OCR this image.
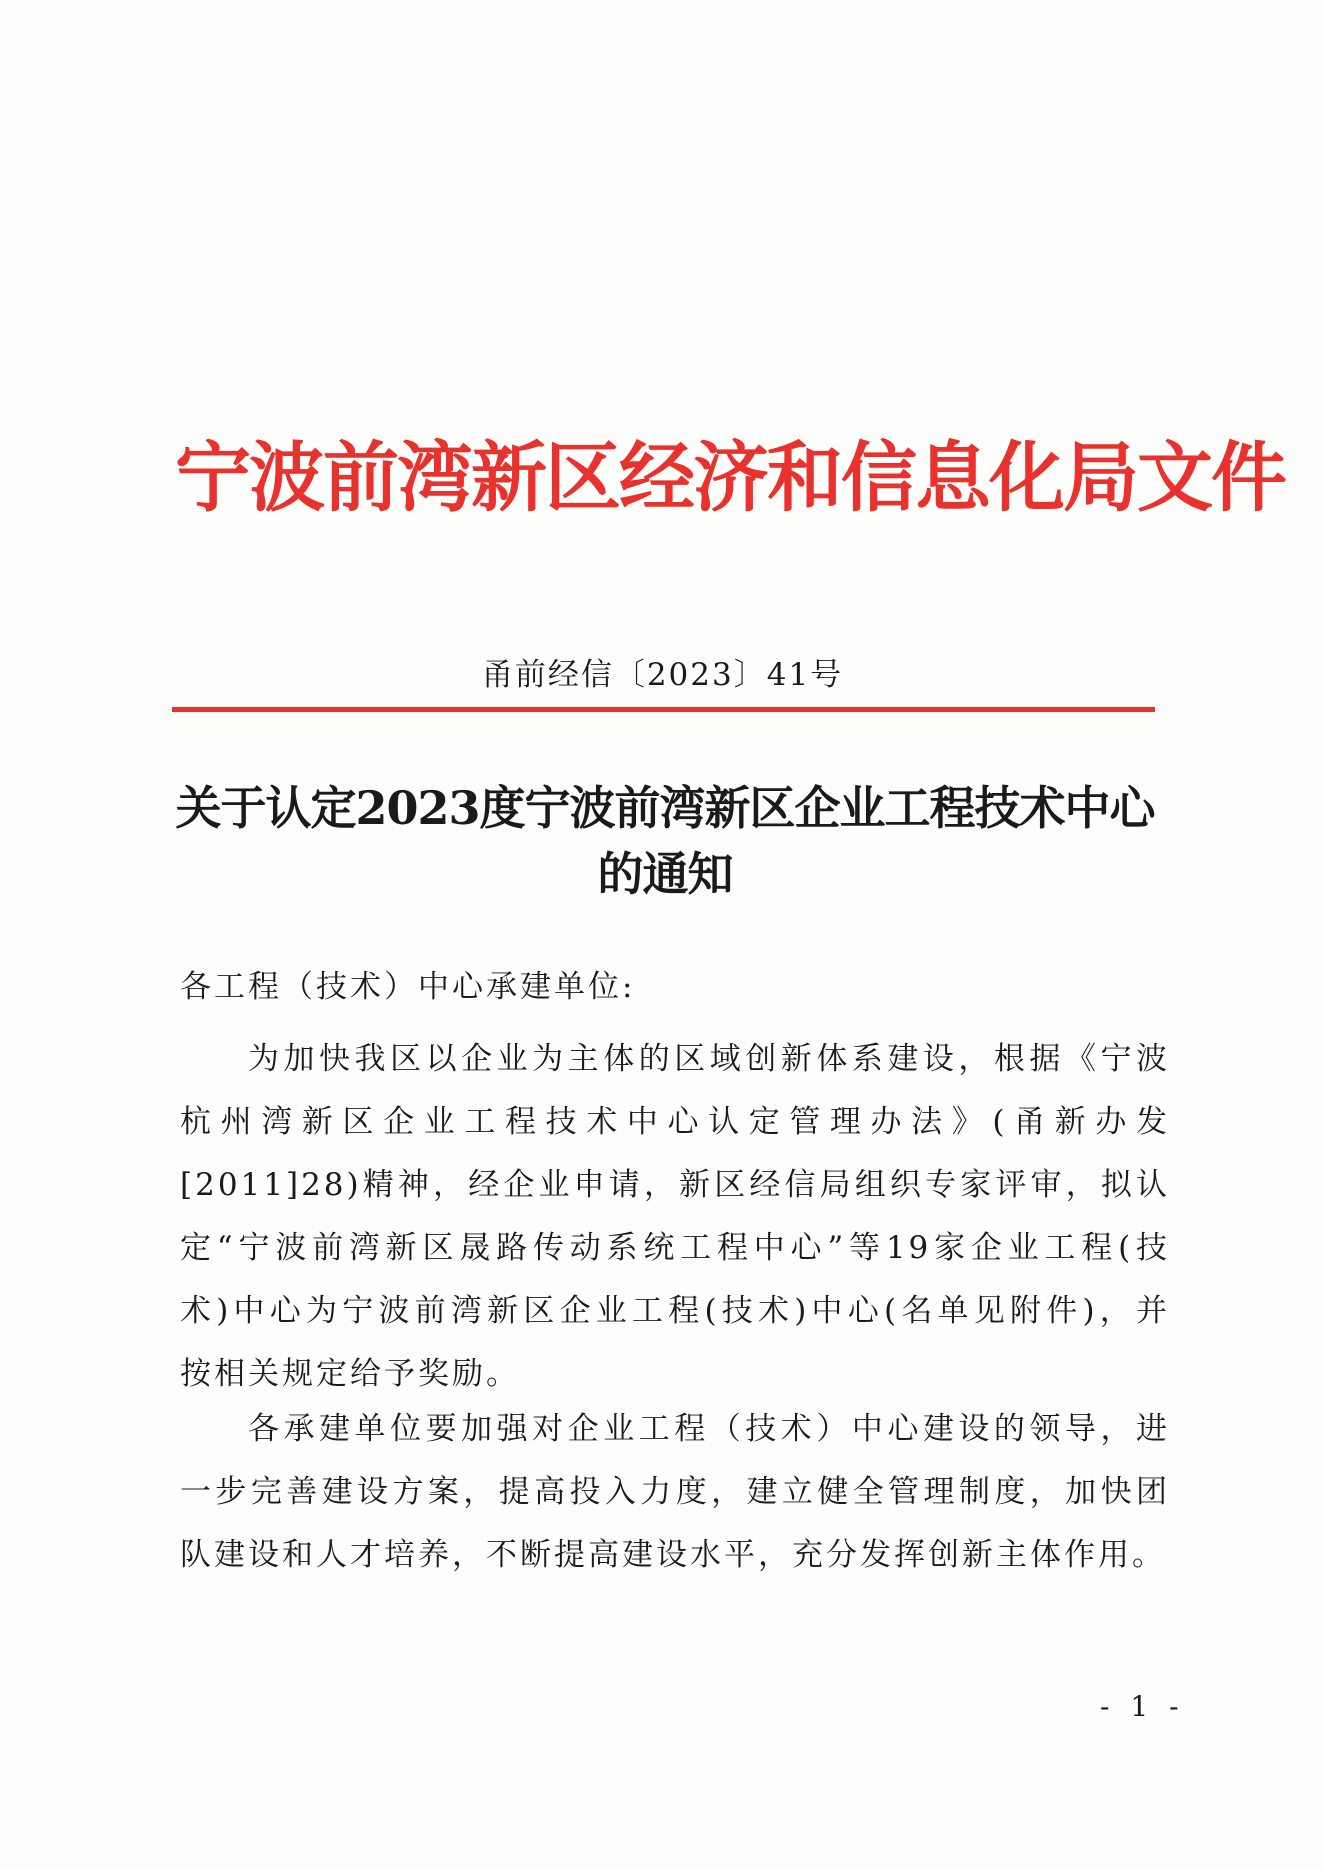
宁波前湾新区经济和信息化局文件
甬前经信〔2023〕41号
关于认定2023度宁波前湾新区企业工程技术中心
的通知
各工程（技术）中心承建单位:
为加快我区以企业为主体的区域创新体系建设，根据《宁波
杭州湾新区企业工程技术中心认定管理办法》(甬新办发
[2011]28)精神，经企业申请，新区经信局组织专家评审，拟认
定“宁波前湾新区晟路传动系统工程中心”等19家企业工程(技
术)中心为宁波前湾新区企业工程(技术)中心(名单见附件)，并
按相关规定给予奖励。
各承建单位要加强对企业工程（技术）中心建设的领导，进
一步完善建设方案，提高投入力度，建立健全管理制度，加快团
队建设和人才培养，不断提高建设水平，充分发挥创新主体作用。
- 1 -
